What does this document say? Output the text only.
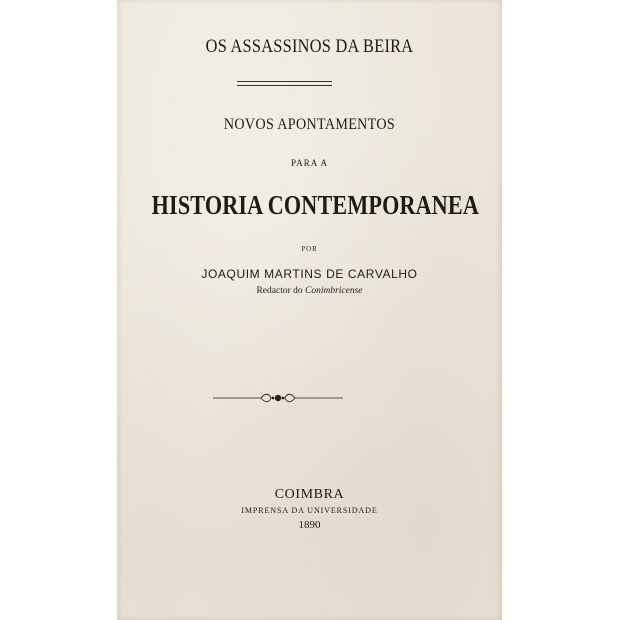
OS ASSASSINOS DA BEIRA

NOVOS APONTAMENTOS

PARA A

HISTORIA CONTEMPORANEA

POR

JOAQUIM MARTINS DE CARVALHO

Redactor do Conimbricense

COIMBRA

IMPRENSA DA UNIVERSIDADE

1890
